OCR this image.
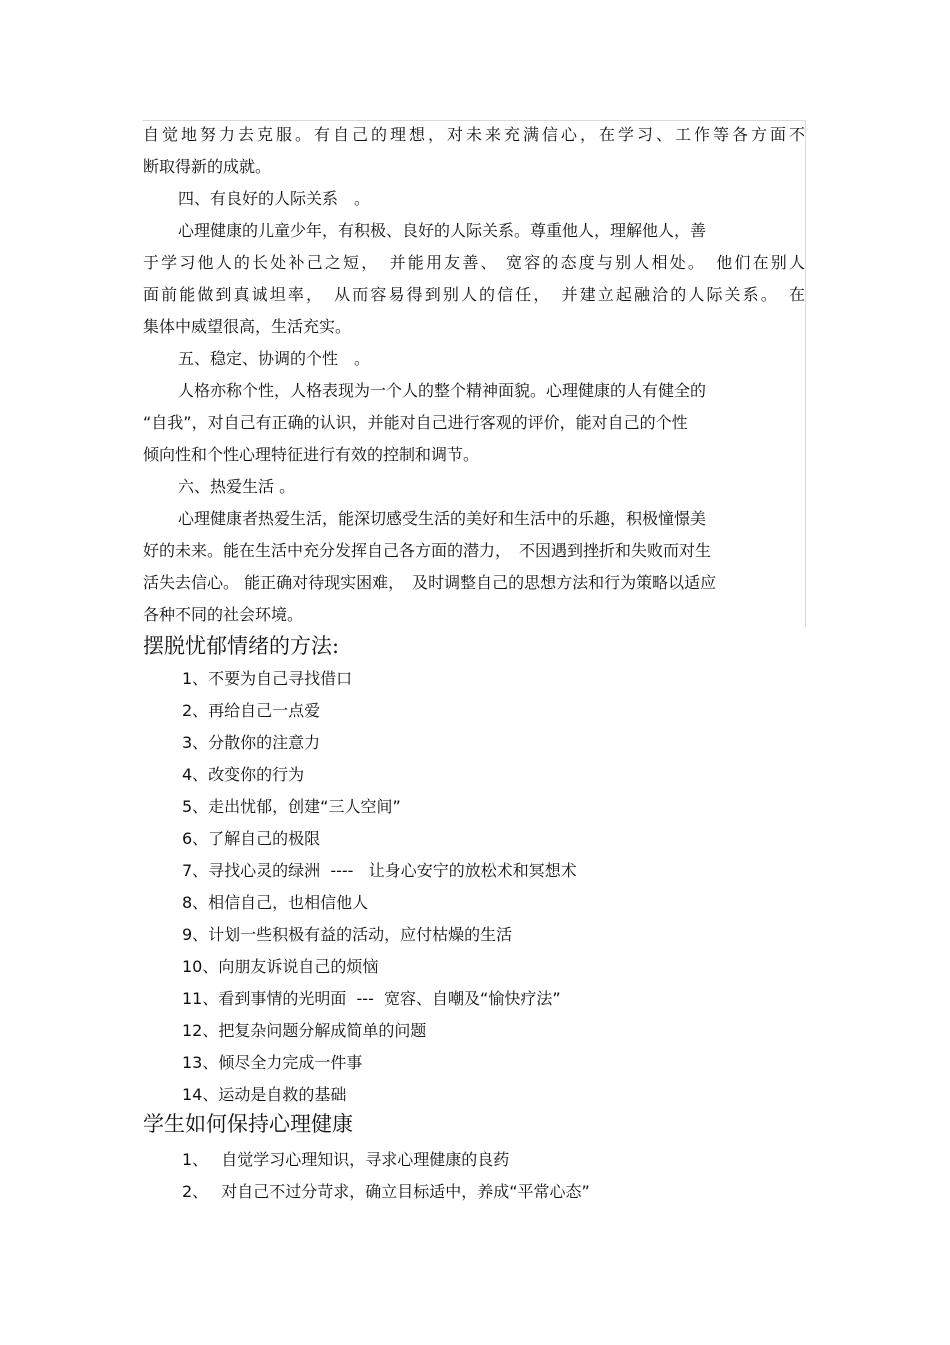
自觉地努力去克服。有自己的理想，对未来充满信心，在学习、工作等各方面不
断取得新的成就。
四、有良好的人际关系　。
心理健康的儿童少年，有积极、良好的人际关系。尊重他人，理解他人，善
于学习他人的长处补己之短，　并能用友善、 宽容的态度与别人相处。　他们在别人
面前能做到真诚坦率，　从而容易得到别人的信任，　并建立起融洽的人际关系。　在
集体中威望很高，生活充实。
五、稳定、协调的个性　。
人格亦称个性，人格表现为一个人的整个精神面貌。心理健康的人有健全的
“自我”，对自己有正确的认识，并能对自己进行客观的评价，能对自己的个性
倾向性和个性心理特征进行有效的控制和调节。
六、热爱生活 。
心理健康者热爱生活，能深切感受生活的美好和生活中的乐趣，积极憧憬美
好的未来。能在生活中充分发挥自己各方面的潜力，　不因遇到挫折和失败而对生
活失去信心。 能正确对待现实困难，　及时调整自己的思想方法和行为策略以适应
各种不同的社会环境。
摆脱忧郁情绪的方法:
1、不要为自己寻找借口
2、再给自己一点爱
3、分散你的注意力
4、改变你的行为
5、走出忧郁，创建“三人空间”
6、了解自己的极限
7、寻找心灵的绿洲  ----   让身心安宁的放松术和冥想术
8、相信自己，也相信他人
9、计划一些积极有益的活动，应付枯燥的生活
10、向朋友诉说自己的烦恼
11、看到事情的光明面  ---  宽容、自嘲及“愉快疗法”
12、把复杂问题分解成简单的问题
13、倾尽全力完成一件事
14、运动是自救的基础
学生如何保持心理健康
1、　 自觉学习心理知识，寻求心理健康的良药
2、　 对自己不过分苛求，确立目标适中，养成“平常心态”
